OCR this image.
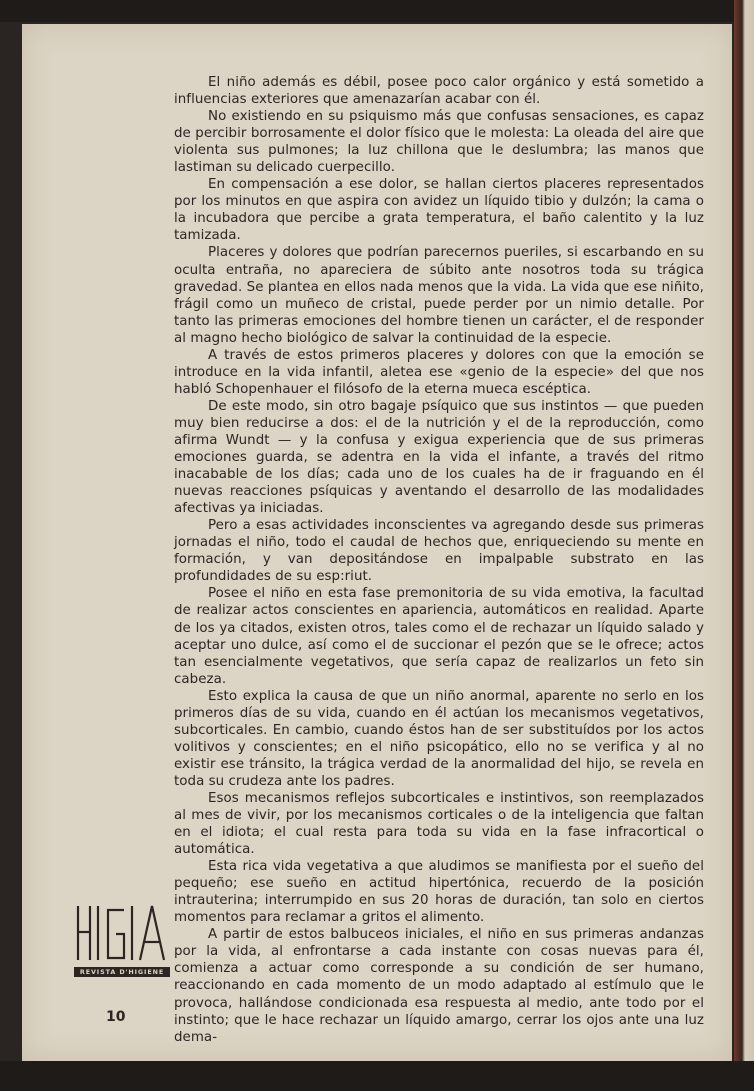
El niño además es débil, posee poco calor orgánico y está sometido a influencias exteriores que amenazarían acabar con él.

No existiendo en su psiquismo más que confusas sensaciones, es capaz de percibir borrosamente el dolor físico que le molesta: La oleada del aire que violenta sus pulmones; la luz chillona que le deslumbra; las manos que lastiman su delicado cuerpecillo.

En compensación a ese dolor, se hallan ciertos placeres representados por los minutos en que aspira con avidez un líquido tibio y dulzón; la cama o la incubadora que percibe a grata temperatura, el baño calentito y la luz tamizada.

Placeres y dolores que podrían parecernos pueriles, si escarbando en su oculta entraña, no apareciera de súbito ante nosotros toda su trágica gravedad. Se plantea en ellos nada menos que la vida. La vida que ese niñito, frágil como un muñeco de cristal, puede perder por un nimio detalle. Por tanto las primeras emociones del hombre tienen un carácter, el de responder al magno hecho biológico de salvar la continuidad de la especie.

A través de estos primeros placeres y dolores con que la emoción se introduce en la vida infantil, aletea ese «genio de la especie» del que nos habló Schopenhauer el filósofo de la eterna mueca escéptica.

De este modo, sin otro bagaje psíquico que sus instintos — que pueden muy bien reducirse a dos: el de la nutrición y el de la reproducción, como afirma Wundt — y la confusa y exigua experiencia que de sus primeras emociones guarda, se adentra en la vida el infante, a través del ritmo inacabable de los días; cada uno de los cuales ha de ir fraguando en él nuevas reacciones psíquicas y aventando el desarrollo de las modalidades afectivas ya iniciadas.

Pero a esas actividades inconscientes va agregando desde sus primeras jornadas el niño, todo el caudal de hechos que, enriqueciendo su mente en formación, y van depositándose en impalpable substrato en las profundidades de su esp:riut.

Posee el niño en esta fase premonitoria de su vida emotiva, la facultad de realizar actos conscientes en apariencia, automáticos en realidad. Aparte de los ya citados, existen otros, tales como el de rechazar un líquido salado y aceptar uno dulce, así como el de succionar el pezón que se le ofrece; actos tan esencialmente vegetativos, que sería capaz de realizarlos un feto sin cabeza.

Esto explica la causa de que un niño anormal, aparente no serlo en los primeros días de su vida, cuando en él actúan los mecanismos vegetativos, subcorticales. En cambio, cuando éstos han de ser substituídos por los actos volitivos y conscientes; en el niño psicopático, ello no se verifica y al no existir ese tránsito, la trágica verdad de la anormalidad del hijo, se revela en toda su crudeza ante los padres.

Esos mecanismos reflejos subcorticales e instintivos, son reemplazados al mes de vivir, por los mecanismos corticales o de la inteligencia que faltan en el idiota; el cual resta para toda su vida en la fase infracortical o automática.

Esta rica vida vegetativa a que aludimos se manifiesta por el sueño del pequeño; ese sueño en actitud hipertónica, recuerdo de la posición intrauterina; interrumpido en sus 20 horas de duración, tan solo en ciertos momentos para reclamar a gritos el alimento.

A partir de estos balbuceos iniciales, el niño en sus primeras andanzas por la vida, al enfrontarse a cada instante con cosas nuevas para él, comienza a actuar como corresponde a su condición de ser humano, reaccionando en cada momento de un modo adaptado al estímulo que le provoca, hallándose condicionada esa respuesta al medio, ante todo por el instinto; que le hace rechazar un líquido amargo, cerrar los ojos ante una luz dema-

REVISTA D'HIGIENE
10
